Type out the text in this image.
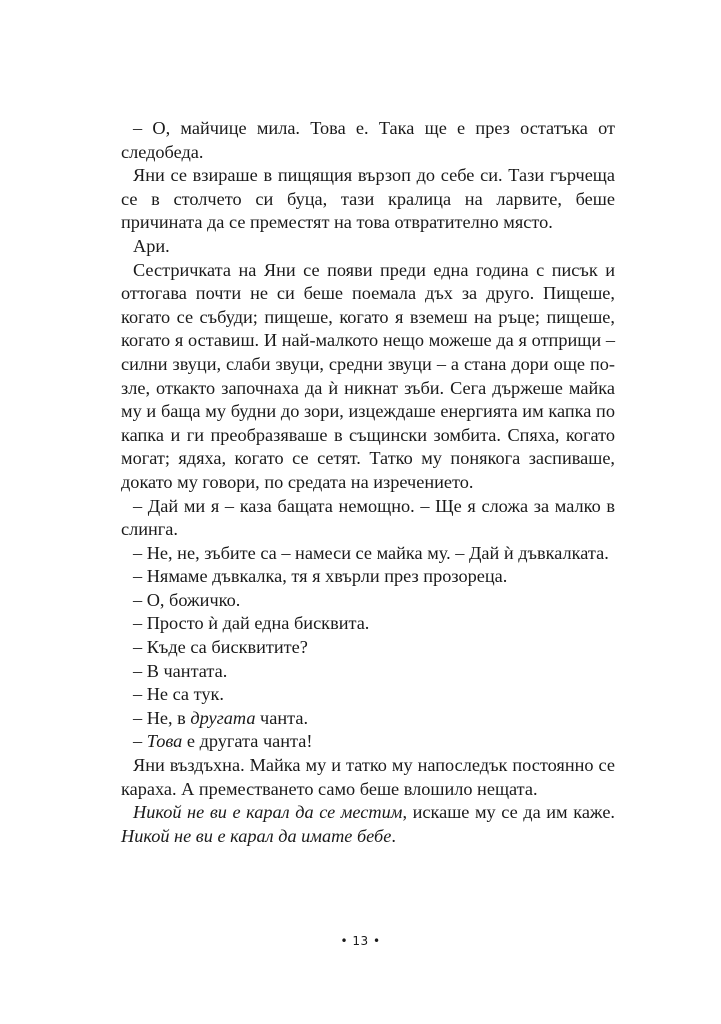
– О, майчице мила. Това е. Така ще е през остатъка от следобеда.

Яни се взираше в пищящия вързоп до себе си. Тази гърчеща се в столчето си буца, тази кралица на ларвите, беше причината да се преместят на това отвратително място.

Ари.

Сестричката на Яни се появи преди една година с писък и оттогава почти не си беше поемала дъх за друго. Пищеше, когато се събуди; пищеше, когато я вземеш на ръце; пищеше, когато я оставиш. И най-малкото нещо можеше да я отприщи – силни звуци, слаби звуци, средни звуци – а стана дори още по-зле, откакто започнаха да ѝ никнат зъби. Сега държеше майка му и баща му будни до зори, изцеждаше енергията им капка по капка и ги преобразяваше в същински зомбита. Спяха, когато могат; ядяха, когато се сетят. Татко му понякога заспиваше, докато му говори, по средата на изречението.

– Дай ми я – каза бащата немощно. – Ще я сложа за малко в слинга.

– Не, не, зъбите са – намеси се майка му. – Дай ѝ дъвкалката.

– Нямаме дъвкалка, тя я хвърли през прозореца.

– О, божичко.

– Просто ѝ дай една бисквита.

– Къде са бисквитите?

– В чантата.

– Не са тук.

– Не, в другата чанта.

– Това е другата чанта!

Яни въздъхна. Майка му и татко му напоследък постоянно се караха. А преместването само беше влошило нещата.

Никой не ви е карал да се местим, искаше му се да им каже. Никой не ви е карал да имате бебе.

• 13 •
